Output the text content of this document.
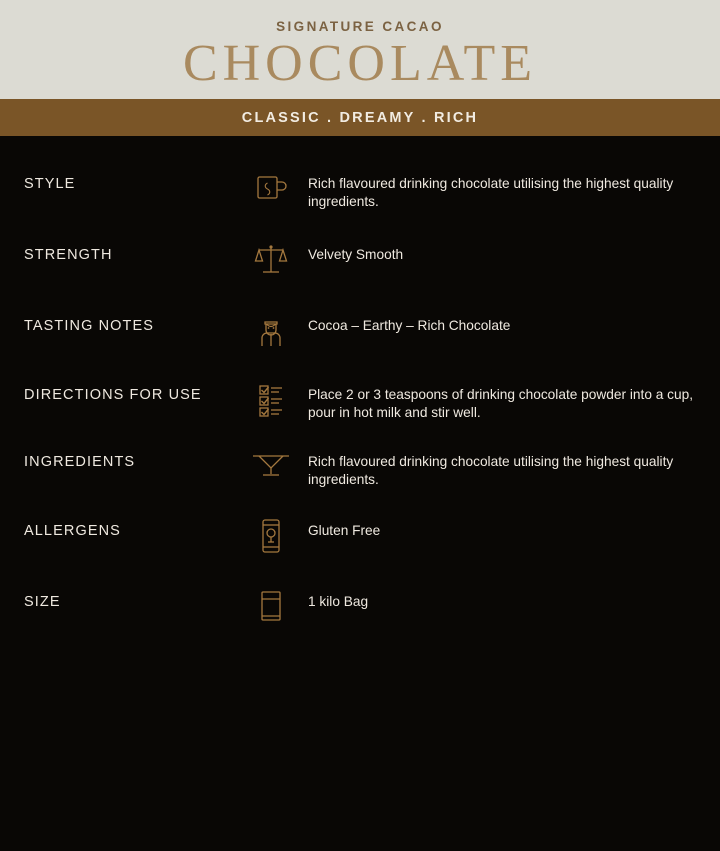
SIGNATURE CACAO
CHOCOLATE
CLASSIC . DREAMY . RICH
STYLE	Rich flavoured drinking chocolate utilising the highest quality ingredients.
STRENGTH	Velvety Smooth
TASTING NOTES	Cocoa – Earthy – Rich Chocolate
DIRECTIONS FOR USE	Place 2 or 3 teaspoons of drinking chocolate powder into a cup, pour in hot milk and stir well.
INGREDIENTS	Rich flavoured drinking chocolate utilising the highest quality ingredients.
ALLERGENS	Gluten Free
SIZE	1 kilo Bag
